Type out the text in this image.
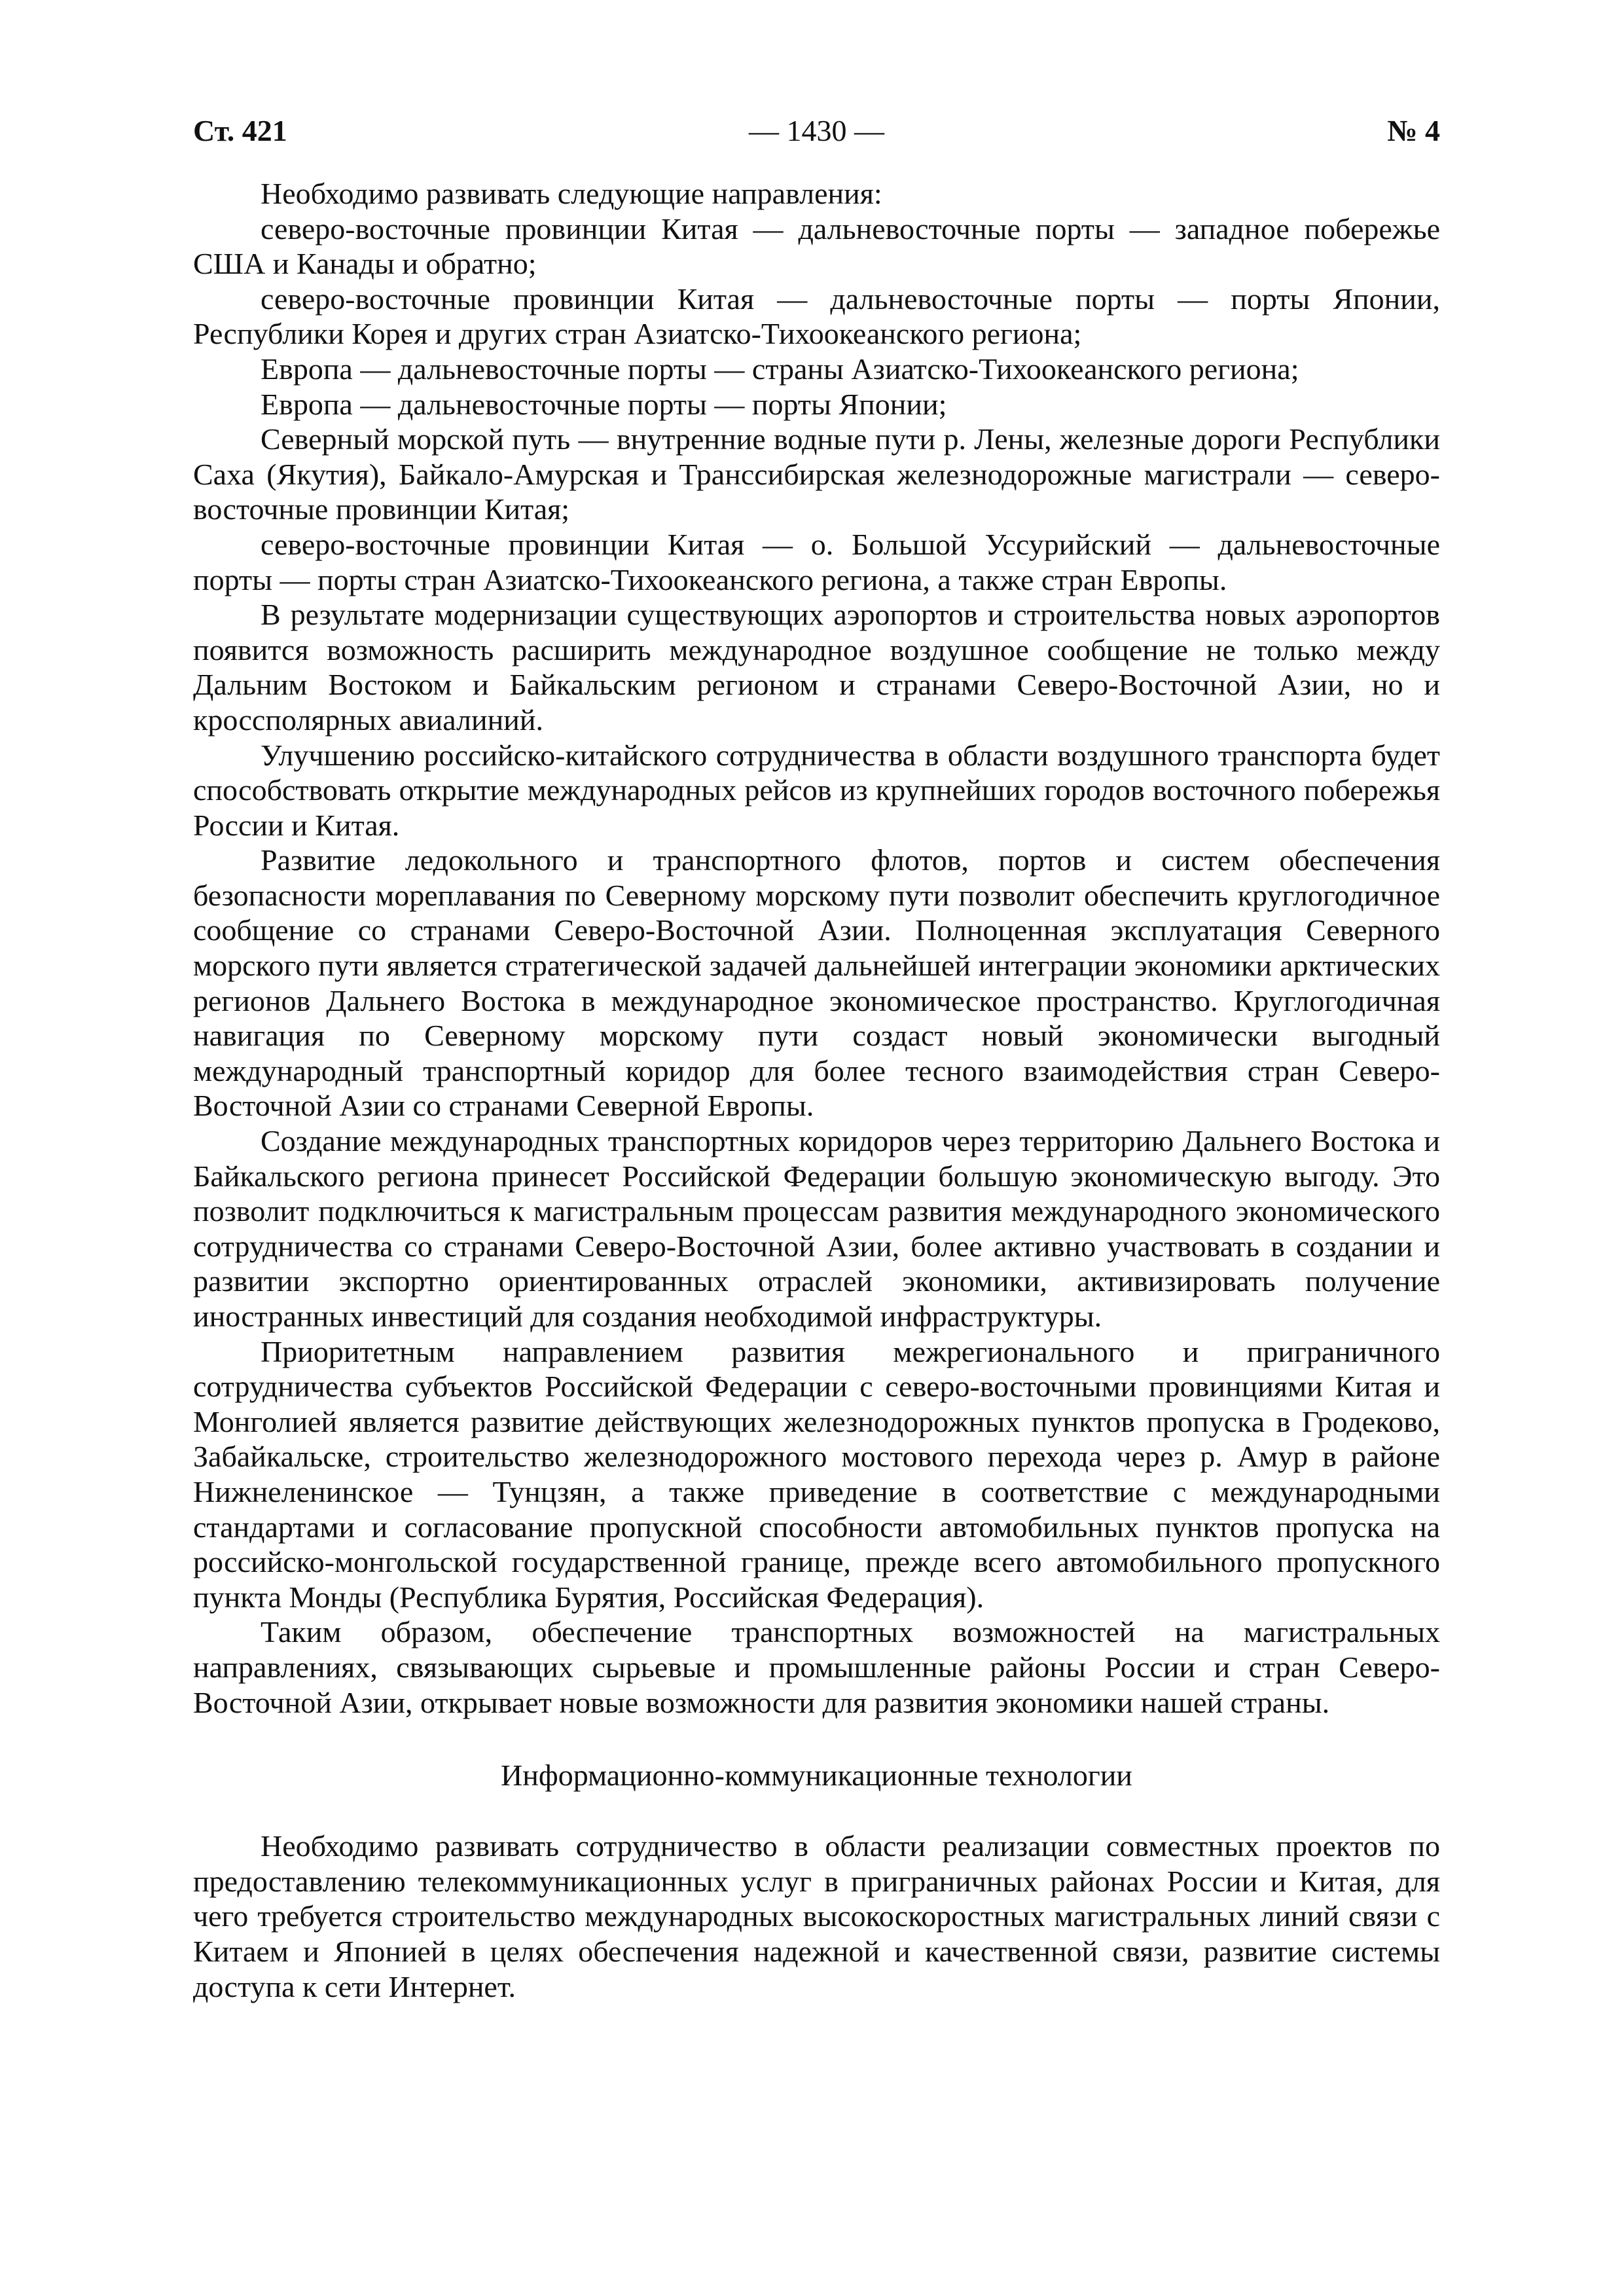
Ст. 421	— 1430 —	№ 4

Необходимо развивать следующие направления:

северо-восточные провинции Китая — дальневосточные порты — западное побережье США и Канады и обратно;

северо-восточные провинции Китая — дальневосточные порты — порты Японии, Республики Корея и других стран Азиатско-Тихоокеанского региона;

Европа — дальневосточные порты — страны Азиатско-Тихоокеанского региона;

Европа — дальневосточные порты — порты Японии;

Северный морской путь — внутренние водные пути р. Лены, железные дороги Республики Саха (Якутия), Байкало-Амурская и Транссибирская железнодорожные магистрали — северо-восточные провинции Китая;

северо-восточные провинции Китая — о. Большой Уссурийский — дальневосточные порты — порты стран Азиатско-Тихоокеанского региона, а также стран Европы.

В результате модернизации существующих аэропортов и строительства новых аэропортов появится возможность расширить международное воздушное сообщение не только между Дальним Востоком и Байкальским регионом и странами Северо-Восточной Азии, но и кроссполярных авиалиний.

Улучшению российско-китайского сотрудничества в области воздушного транспорта будет способствовать открытие международных рейсов из крупнейших городов восточного побережья России и Китая.

Развитие ледокольного и транспортного флотов, портов и систем обеспечения безопасности мореплавания по Северному морскому пути позволит обеспечить круглогодичное сообщение со странами Северо-Восточной Азии. Полноценная эксплуатация Северного морского пути является стратегической задачей дальнейшей интеграции экономики арктических регионов Дальнего Востока в международное экономическое пространство. Круглогодичная навигация по Северному морскому пути создаст новый экономически выгодный международный транспортный коридор для более тесного взаимодействия стран Северо-Восточной Азии со странами Северной Европы.

Создание международных транспортных коридоров через территорию Дальнего Востока и Байкальского региона принесет Российской Федерации большую экономическую выгоду. Это позволит подключиться к магистральным процессам развития международного экономического сотрудничества со странами Северо-Восточной Азии, более активно участвовать в создании и развитии экспортно ориентированных отраслей экономики, активизировать получение иностранных инвестиций для создания необходимой инфраструктуры.

Приоритетным направлением развития межрегионального и приграничного сотрудничества субъектов Российской Федерации с северо-восточными провинциями Китая и Монголией является развитие действующих железнодорожных пунктов пропуска в Гродеково, Забайкальске, строительство железнодорожного мостового перехода через р. Амур в районе Нижнеленинское — Тунцзян, а также приведение в соответствие с международными стандартами и согласование пропускной способности автомобильных пунктов пропуска на российско-монгольской государственной границе, прежде всего автомобильного пропускного пункта Монды (Республика Бурятия, Российская Федерация).

Таким образом, обеспечение транспортных возможностей на магистральных направлениях, связывающих сырьевые и промышленные районы России и стран Северо-Восточной Азии, открывает новые возможности для развития экономики нашей страны.

Информационно-коммуникационные технологии

Необходимо развивать сотрудничество в области реализации совместных проектов по предоставлению телекоммуникационных услуг в приграничных районах России и Китая, для чего требуется строительство международных высокоскоростных магистральных линий связи с Китаем и Японией в целях обеспечения надежной и качественной связи, развитие системы доступа к сети Интернет.
